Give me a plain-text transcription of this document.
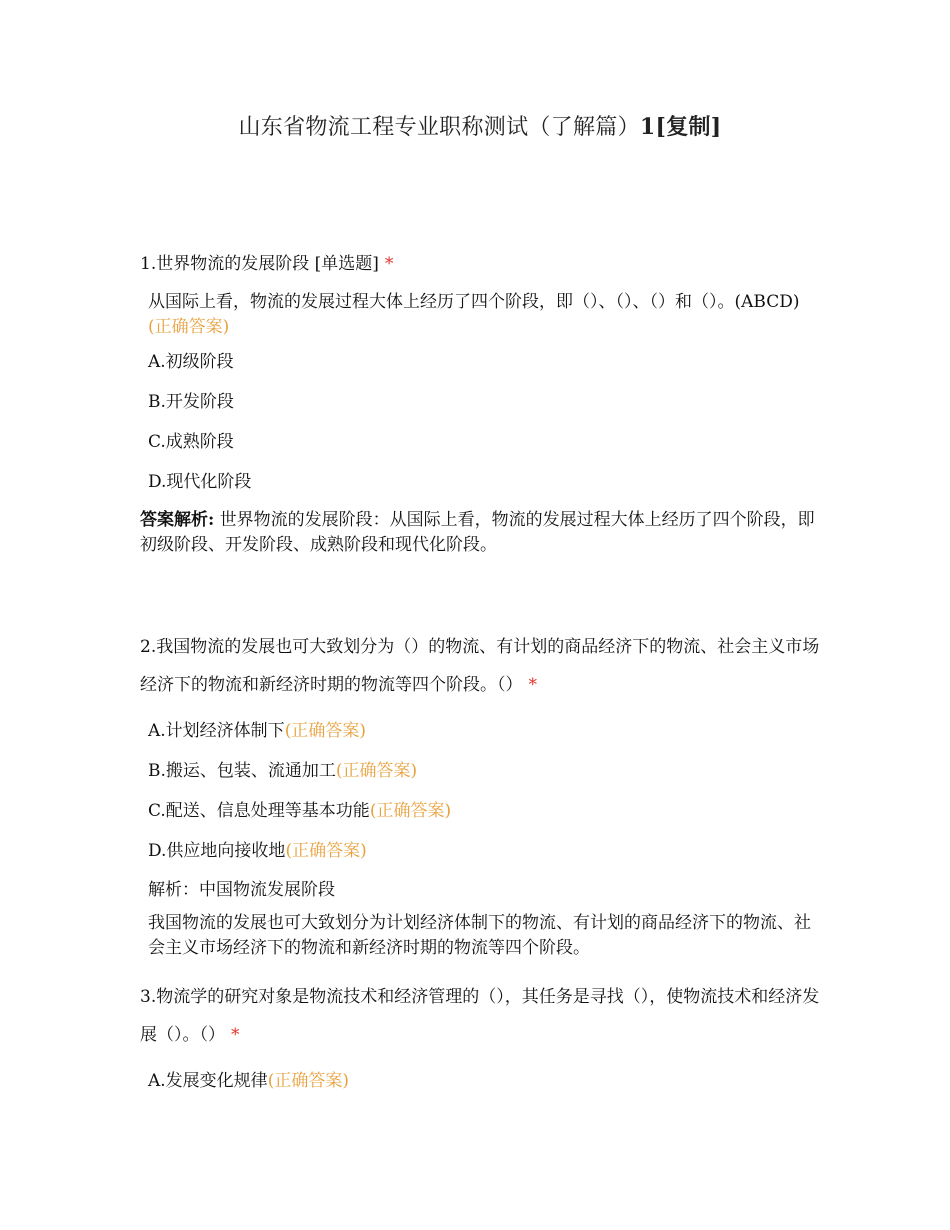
山东省物流工程专业职称测试（了解篇）1[复制]
1.世界物流的发展阶段 [单选题] *
从国际上看，物流的发展过程大体上经历了四个阶段，即（）、（）、（）和（）。(ABCD)(正确答案)
A.初级阶段
B.开发阶段
C.成熟阶段
D.现代化阶段
答案解析: 世界物流的发展阶段：从国际上看，物流的发展过程大体上经历了四个阶段，即初级阶段、开发阶段、成熟阶段和现代化阶段。
2.我国物流的发展也可大致划分为（）的物流、有计划的商品经济下的物流、社会主义市场经济下的物流和新经济时期的物流等四个阶段。（） *
A.计划经济体制下(正确答案)
B.搬运、包装、流通加工(正确答案)
C.配送、信息处理等基本功能(正确答案)
D.供应地向接收地(正确答案)
解析：中国物流发展阶段
我国物流的发展也可大致划分为计划经济体制下的物流、有计划的商品经济下的物流、社会主义市场经济下的物流和新经济时期的物流等四个阶段。
3.物流学的研究对象是物流技术和经济管理的（），其任务是寻找（），使物流技术和经济发展（）。（） *
A.发展变化规律(正确答案)
